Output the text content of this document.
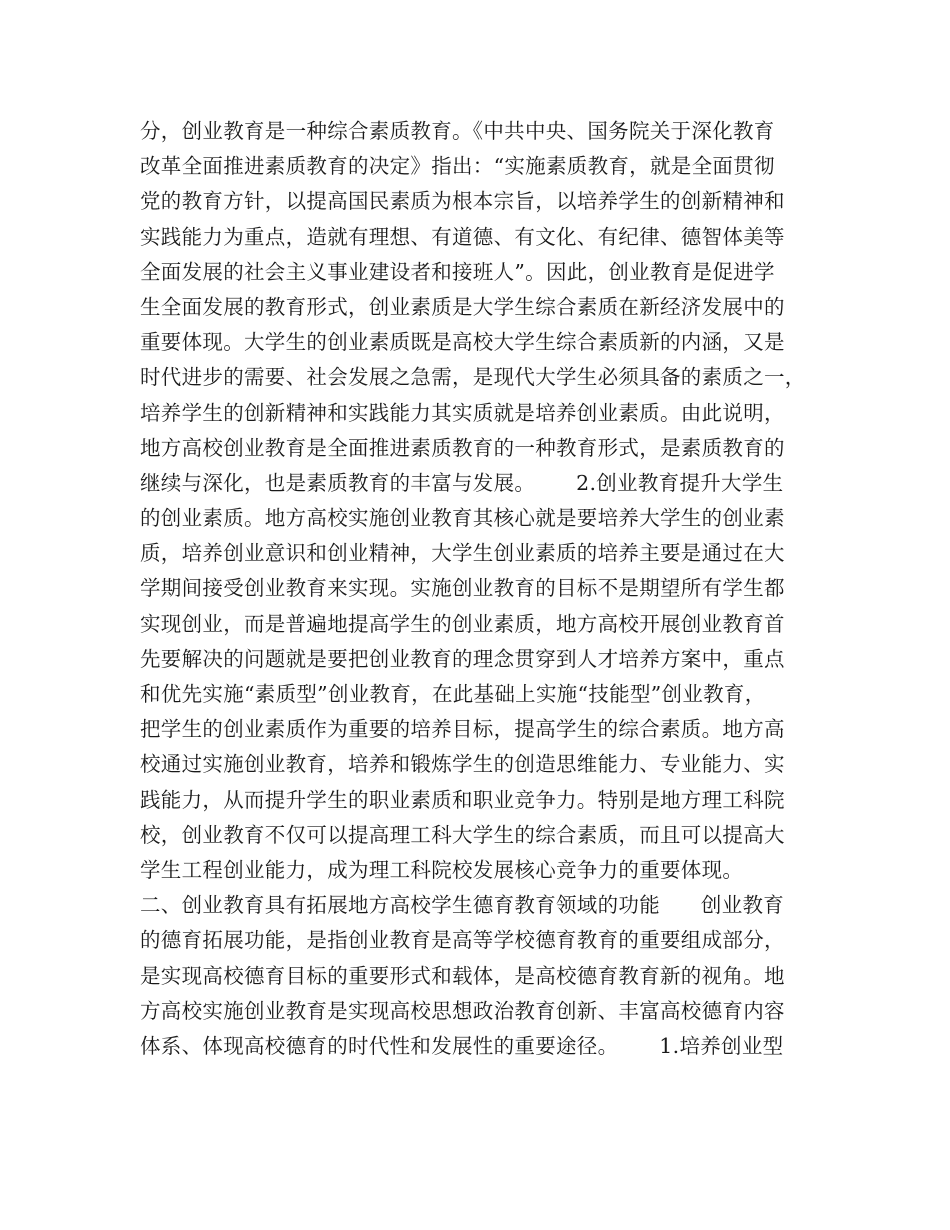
分，创业教育是一种综合素质教育。《中共中央、国务院关于深化教育
改革全面推进素质教育的决定》指出：“实施素质教育，就是全面贯彻
党的教育方针，以提高国民素质为根本宗旨，以培养学生的创新精神和
实践能力为重点，造就有理想、有道德、有文化、有纪律、德智体美等
全面发展的社会主义事业建设者和接班人”。因此，创业教育是促进学
生全面发展的教育形式，创业素质是大学生综合素质在新经济发展中的
重要体现。大学生的创业素质既是高校大学生综合素质新的内涵，又是
时代进步的需要、社会发展之急需，是现代大学生必须具备的素质之一，
培养学生的创新精神和实践能力其实质就是培养创业素质。由此说明，
地方高校创业教育是全面推进素质教育的一种教育形式，是素质教育的
继续与深化，也是素质教育的丰富与发展。      2.创业教育提升大学生
的创业素质。地方高校实施创业教育其核心就是要培养大学生的创业素
质，培养创业意识和创业精神，大学生创业素质的培养主要是通过在大
学期间接受创业教育来实现。实施创业教育的目标不是期望所有学生都
实现创业，而是普遍地提高学生的创业素质，地方高校开展创业教育首
先要解决的问题就是要把创业教育的理念贯穿到人才培养方案中，重点
和优先实施“素质型”创业教育，在此基础上实施“技能型”创业教育，
把学生的创业素质作为重要的培养目标，提高学生的综合素质。地方高
校通过实施创业教育，培养和锻炼学生的创造思维能力、专业能力、实
践能力，从而提升学生的职业素质和职业竞争力。特别是地方理工科院
校，创业教育不仅可以提高理工科大学生的综合素质，而且可以提高大
学生工程创业能力，成为理工科院校发展核心竞争力的重要体现。
二、创业教育具有拓展地方高校学生德育教育领域的功能      创业教育
的德育拓展功能，是指创业教育是高等学校德育教育的重要组成部分，
是实现高校德育目标的重要形式和载体，是高校德育教育新的视角。地
方高校实施创业教育是实现高校思想政治教育创新、丰富高校德育内容
体系、体现高校德育的时代性和发展性的重要途径。      1.培养创业型
